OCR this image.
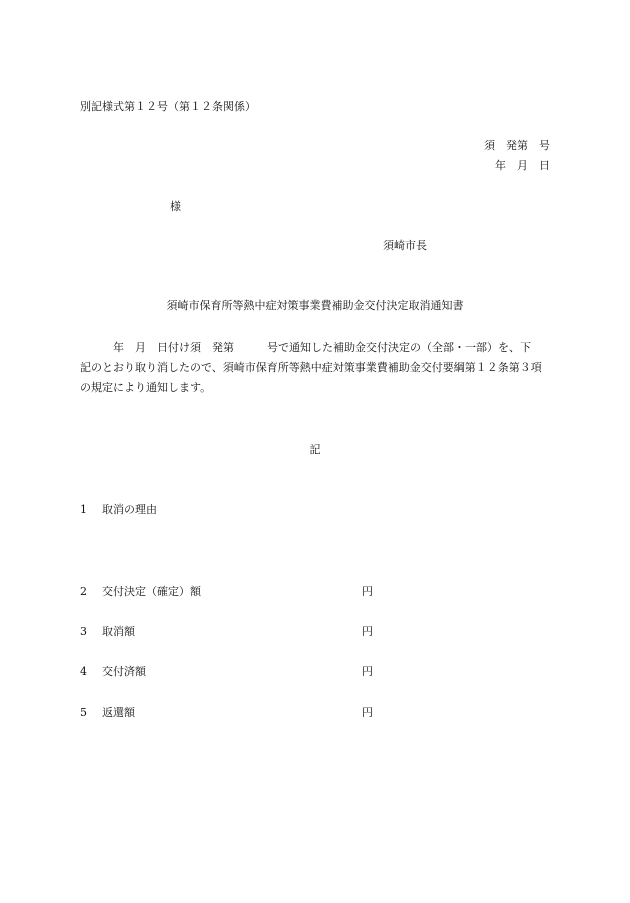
別記様式第１２号（第１２条関係）
須　発第　号
年　月　日
様
須崎市長
須崎市保育所等熱中症対策事業費補助金交付決定取消通知書
　　　年　月　日付け須　発第　　　号で通知した補助金交付決定の（全部・一部）を、下
記のとおり取り消したので、須崎市保育所等熱中症対策事業費補助金交付要綱第１２条第３項
の規定により通知します。
記
1 取消の理由
2 交付決定（確定）額	円
3 取消額	円
4 交付済額	円
5 返還額	円
